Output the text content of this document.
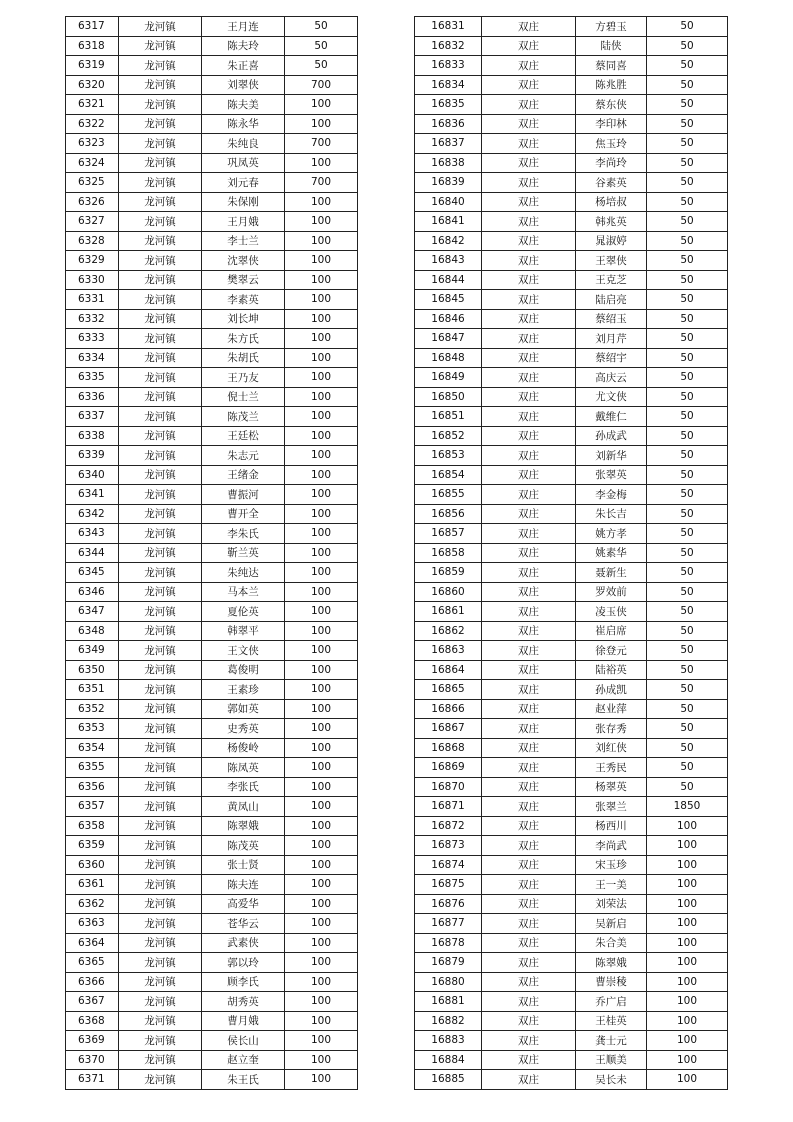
6317	龙河镇	王月连	50
6318	龙河镇	陈夫玲	50
6319	龙河镇	朱正喜	50
6320	龙河镇	刘翠侠	700
6321	龙河镇	陈夫美	100
6322	龙河镇	陈永华	100
6323	龙河镇	朱纯良	700
6324	龙河镇	巩凤英	100
6325	龙河镇	刘元春	700
6326	龙河镇	朱保刚	100
6327	龙河镇	王月娥	100
6328	龙河镇	李士兰	100
6329	龙河镇	沈翠侠	100
6330	龙河镇	樊翠云	100
6331	龙河镇	李素英	100
6332	龙河镇	刘长坤	100
6333	龙河镇	朱方氏	100
6334	龙河镇	朱胡氏	100
6335	龙河镇	王乃友	100
6336	龙河镇	倪士兰	100
6337	龙河镇	陈茂兰	100
6338	龙河镇	王廷松	100
6339	龙河镇	朱志元	100
6340	龙河镇	王绪金	100
6341	龙河镇	曹振河	100
6342	龙河镇	曹开全	100
6343	龙河镇	李朱氏	100
6344	龙河镇	靳兰英	100
6345	龙河镇	朱纯达	100
6346	龙河镇	马本兰	100
6347	龙河镇	夏伦英	100
6348	龙河镇	韩翠平	100
6349	龙河镇	王文侠	100
6350	龙河镇	葛俊明	100
6351	龙河镇	王素珍	100
6352	龙河镇	郭如英	100
6353	龙河镇	史秀英	100
6354	龙河镇	杨俊岭	100
6355	龙河镇	陈凤英	100
6356	龙河镇	李张氏	100
6357	龙河镇	黄凤山	100
6358	龙河镇	陈翠娥	100
6359	龙河镇	陈茂英	100
6360	龙河镇	张士贤	100
6361	龙河镇	陈夫连	100
6362	龙河镇	高爱华	100
6363	龙河镇	苍华云	100
6364	龙河镇	武素侠	100
6365	龙河镇	郭以玲	100
6366	龙河镇	顾李氏	100
6367	龙河镇	胡秀英	100
6368	龙河镇	曹月娥	100
6369	龙河镇	侯长山	100
6370	龙河镇	赵立奎	100
6371	龙河镇	朱王氏	100
16831	双庄	方碧玉	50
16832	双庄	陆侠	50
16833	双庄	蔡同喜	50
16834	双庄	陈兆胜	50
16835	双庄	蔡东侠	50
16836	双庄	李印林	50
16837	双庄	焦玉玲	50
16838	双庄	李尚玲	50
16839	双庄	谷素英	50
16840	双庄	杨培叔	50
16841	双庄	韩兆英	50
16842	双庄	晁淑婷	50
16843	双庄	王翠侠	50
16844	双庄	王克芝	50
16845	双庄	陆启亮	50
16846	双庄	蔡绍玉	50
16847	双庄	刘月芹	50
16848	双庄	蔡绍宇	50
16849	双庄	高庆云	50
16850	双庄	尤文侠	50
16851	双庄	戴维仁	50
16852	双庄	孙成武	50
16853	双庄	刘新华	50
16854	双庄	张翠英	50
16855	双庄	李金梅	50
16856	双庄	朱长吉	50
16857	双庄	姚方孝	50
16858	双庄	姚素华	50
16859	双庄	聂新生	50
16860	双庄	罗效前	50
16861	双庄	凌玉侠	50
16862	双庄	崔启席	50
16863	双庄	徐登元	50
16864	双庄	陆裕英	50
16865	双庄	孙成凯	50
16866	双庄	赵业萍	50
16867	双庄	张存秀	50
16868	双庄	刘红侠	50
16869	双庄	王秀民	50
16870	双庄	杨翠英	50
16871	双庄	张翠兰	1850
16872	双庄	杨西川	100
16873	双庄	李尚武	100
16874	双庄	宋玉珍	100
16875	双庄	王一美	100
16876	双庄	刘荣法	100
16877	双庄	吴新启	100
16878	双庄	朱合美	100
16879	双庄	陈翠娥	100
16880	双庄	曹崇稜	100
16881	双庄	乔广启	100
16882	双庄	王桂英	100
16883	双庄	龚士元	100
16884	双庄	王顺美	100
16885	双庄	吴长未	100
